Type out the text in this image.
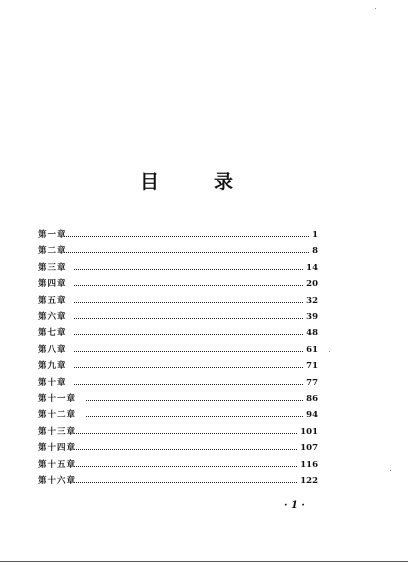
目　录
第一章	1
第二章	8
第三章	14
第四章	20
第五章	32
第六章	39
第七章	48
第八章	61
第九章	71
第十章	77
第十一章	86
第十二章	94
第十三章	101
第十四章	107
第十五章	116
第十六章	122
· 1 ·
